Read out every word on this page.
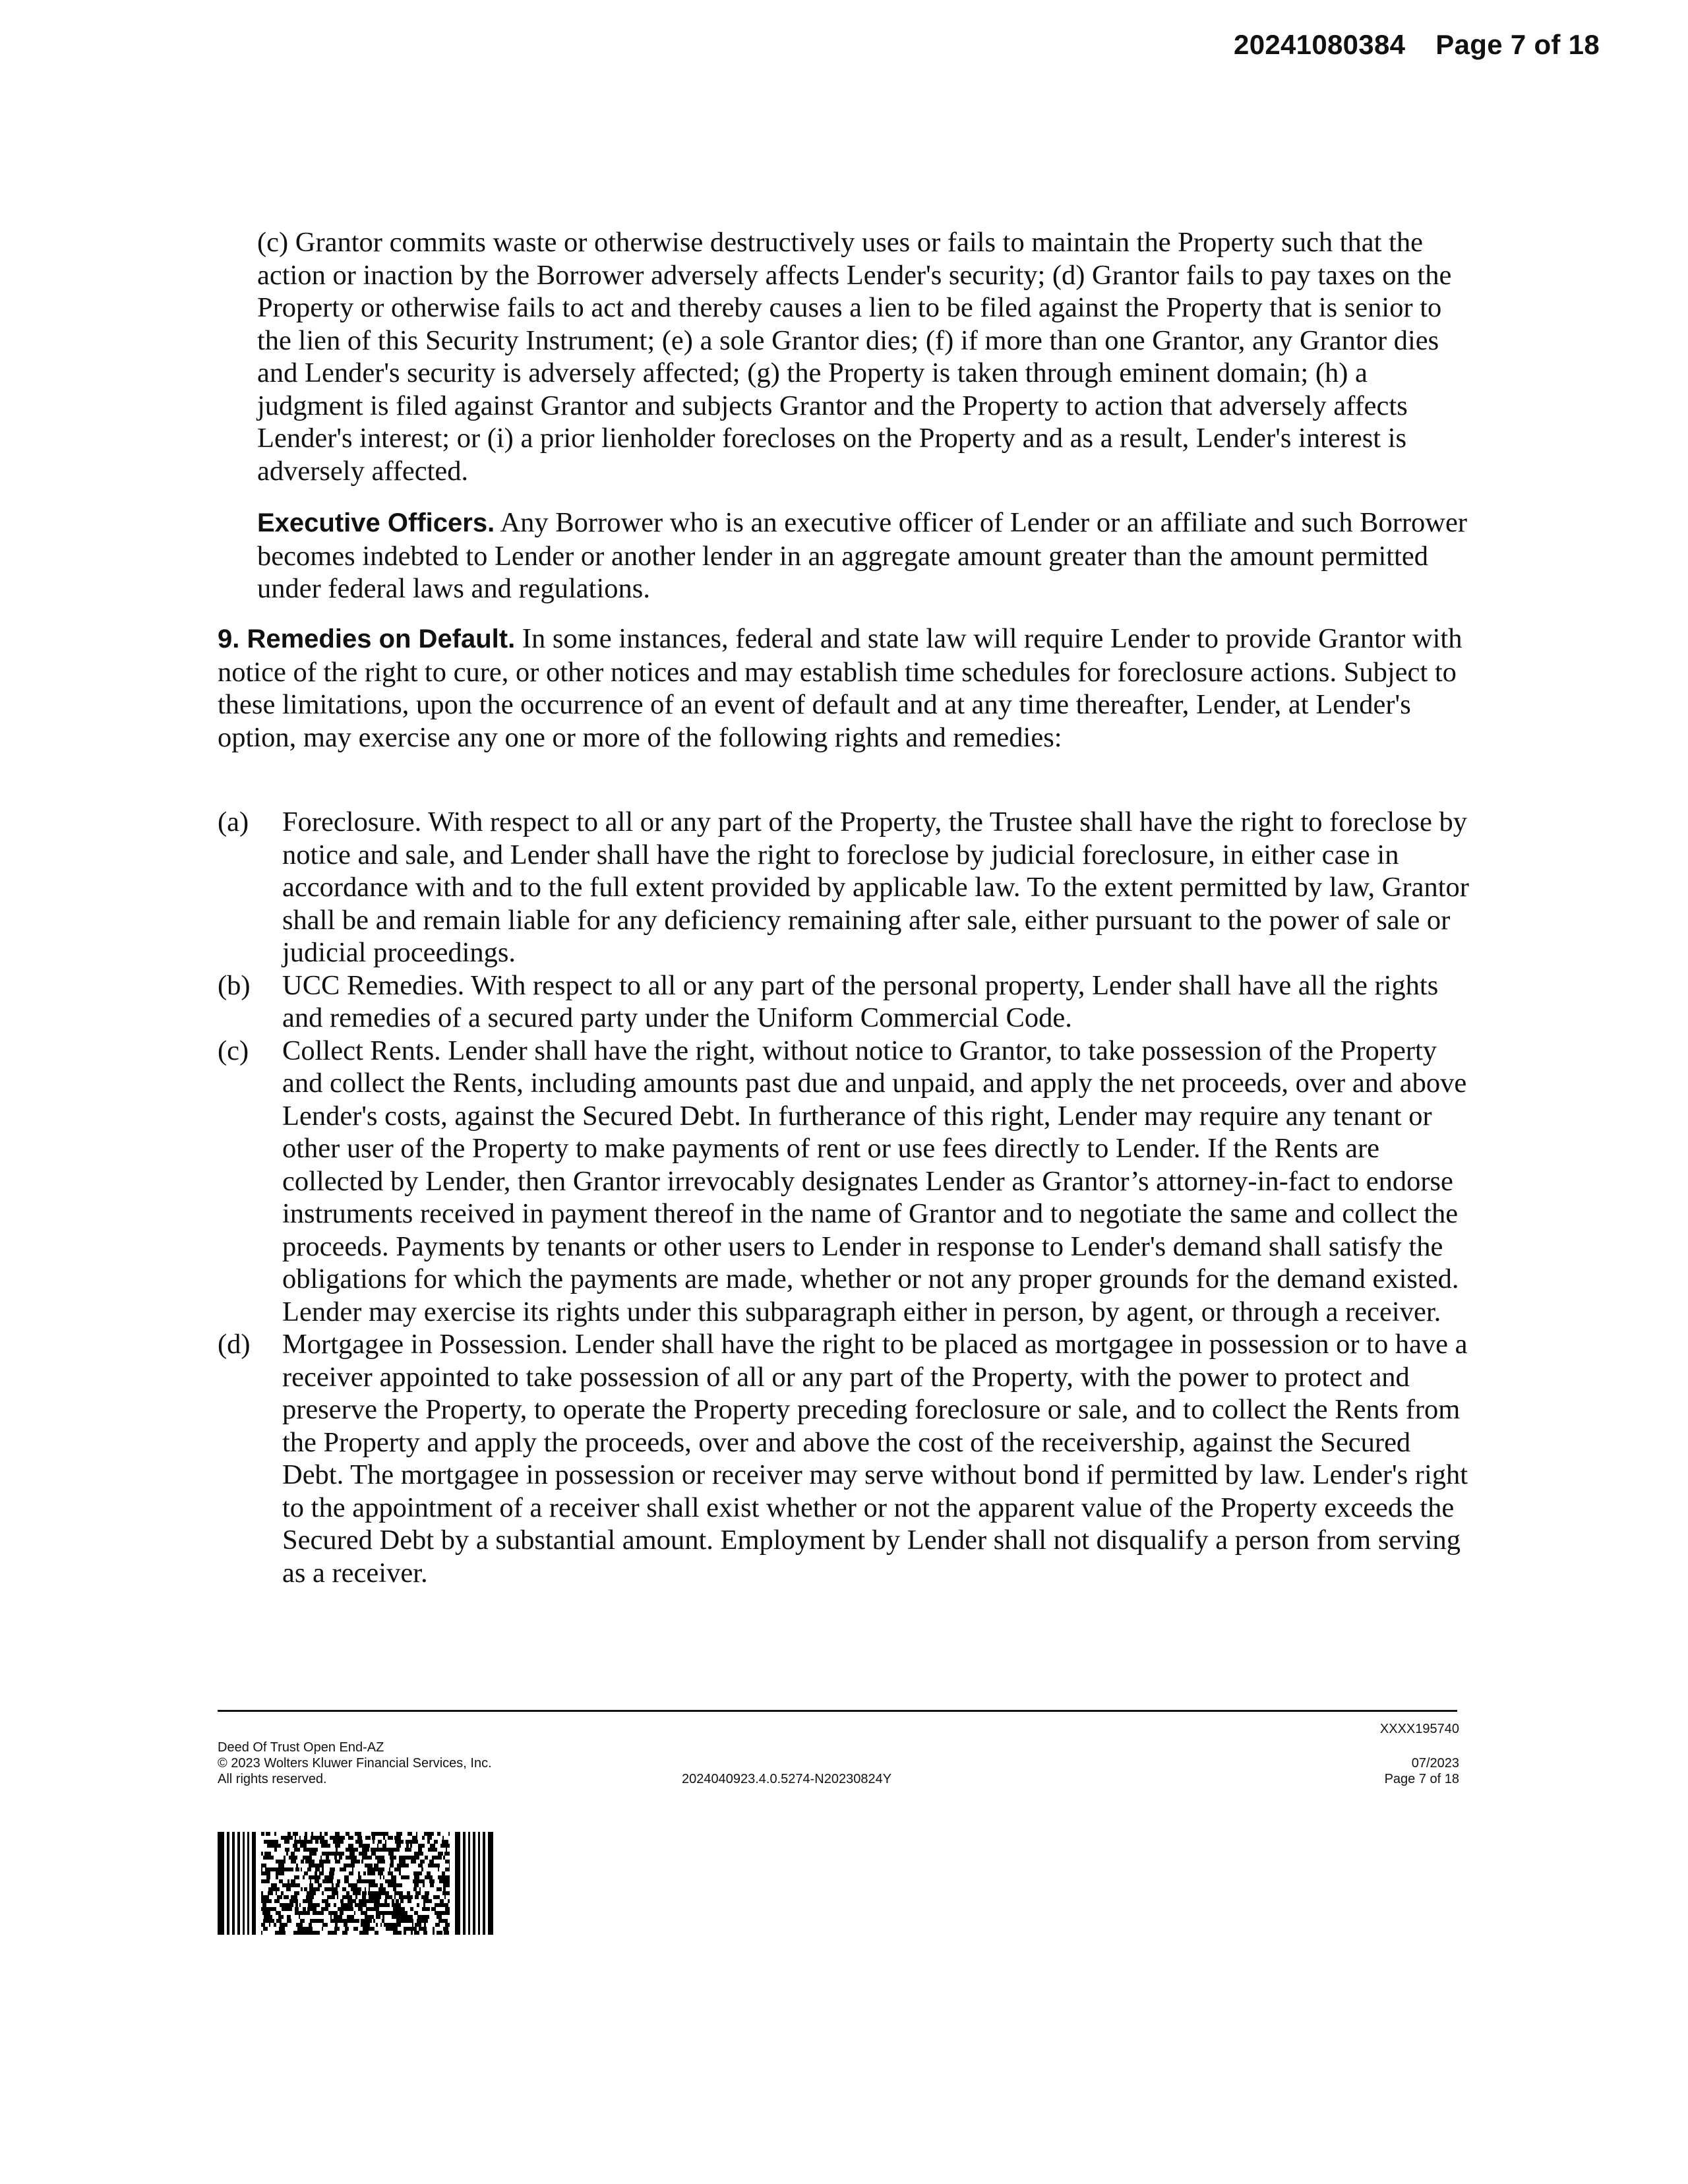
20241080384 Page 7 of 18

(c) Grantor commits waste or otherwise destructively uses or fails to maintain the Property such that the action or inaction by the Borrower adversely affects Lender's security; (d) Grantor fails to pay taxes on the Property or otherwise fails to act and thereby causes a lien to be filed against the Property that is senior to the lien of this Security Instrument; (e) a sole Grantor dies; (f) if more than one Grantor, any Grantor dies and Lender's security is adversely affected; (g) the Property is taken through eminent domain; (h) a judgment is filed against Grantor and subjects Grantor and the Property to action that adversely affects Lender's interest; or (i) a prior lienholder forecloses on the Property and as a result, Lender's interest is adversely affected.

Executive Officers. Any Borrower who is an executive officer of Lender or an affiliate and such Borrower becomes indebted to Lender or another lender in an aggregate amount greater than the amount permitted under federal laws and regulations.

9. Remedies on Default. In some instances, federal and state law will require Lender to provide Grantor with notice of the right to cure, or other notices and may establish time schedules for foreclosure actions. Subject to these limitations, upon the occurrence of an event of default and at any time thereafter, Lender, at Lender's option, may exercise any one or more of the following rights and remedies:

(a)	Foreclosure. With respect to all or any part of the Property, the Trustee shall have the right to foreclose by notice and sale, and Lender shall have the right to foreclose by judicial foreclosure, in either case in accordance with and to the full extent provided by applicable law. To the extent permitted by law, Grantor shall be and remain liable for any deficiency remaining after sale, either pursuant to the power of sale or judicial proceedings.
(b)	UCC Remedies. With respect to all or any part of the personal property, Lender shall have all the rights and remedies of a secured party under the Uniform Commercial Code.
(c)	Collect Rents. Lender shall have the right, without notice to Grantor, to take possession of the Property and collect the Rents, including amounts past due and unpaid, and apply the net proceeds, over and above Lender's costs, against the Secured Debt. In furtherance of this right, Lender may require any tenant or other user of the Property to make payments of rent or use fees directly to Lender. If the Rents are collected by Lender, then Grantor irrevocably designates Lender as Grantor’s attorney-in-fact to endorse instruments received in payment thereof in the name of Grantor and to negotiate the same and collect the proceeds. Payments by tenants or other users to Lender in response to Lender's demand shall satisfy the obligations for which the payments are made, whether or not any proper grounds for the demand existed. Lender may exercise its rights under this subparagraph either in person, by agent, or through a receiver.
(d)	Mortgagee in Possession. Lender shall have the right to be placed as mortgagee in possession or to have a receiver appointed to take possession of all or any part of the Property, with the power to protect and preserve the Property, to operate the Property preceding foreclosure or sale, and to collect the Rents from the Property and apply the proceeds, over and above the cost of the receivership, against the Secured Debt. The mortgagee in possession or receiver may serve without bond if permitted by law. Lender's right to the appointment of a receiver shall exist whether or not the apparent value of the Property exceeds the Secured Debt by a substantial amount. Employment by Lender shall not disqualify a person from serving as a receiver.
XXXX195740
Deed Of Trust Open End-AZ
© 2023 Wolters Kluwer Financial Services, Inc.
All rights reserved.	2024040923.4.0.5274-N20230824Y
07/2023
Page 7 of 18
